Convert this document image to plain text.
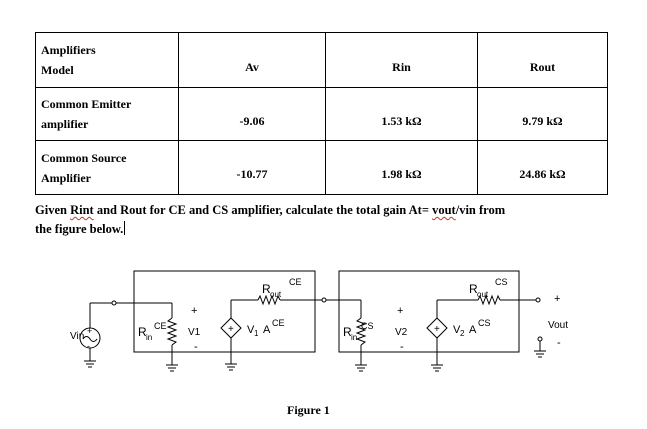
Amplifiers
Model	Av	Rin	Rout

Common Emitter
amplifier	-9.06	1.53 kΩ	9.79 kΩ

Common Source
Amplifier	-10.77	1.98 kΩ	24.86 kΩ
Given Rint and Rout for CE and CS amplifier, calculate the total gain At= vout/vin from
the figure below.
Vin +
-
R in
CE
+
V1
-
+ V 1 A
CE
R out
CE
R in
CS
+
V2
-
+ V 2 A
CS
R out
CS
+
Vout
-
Figure 1
